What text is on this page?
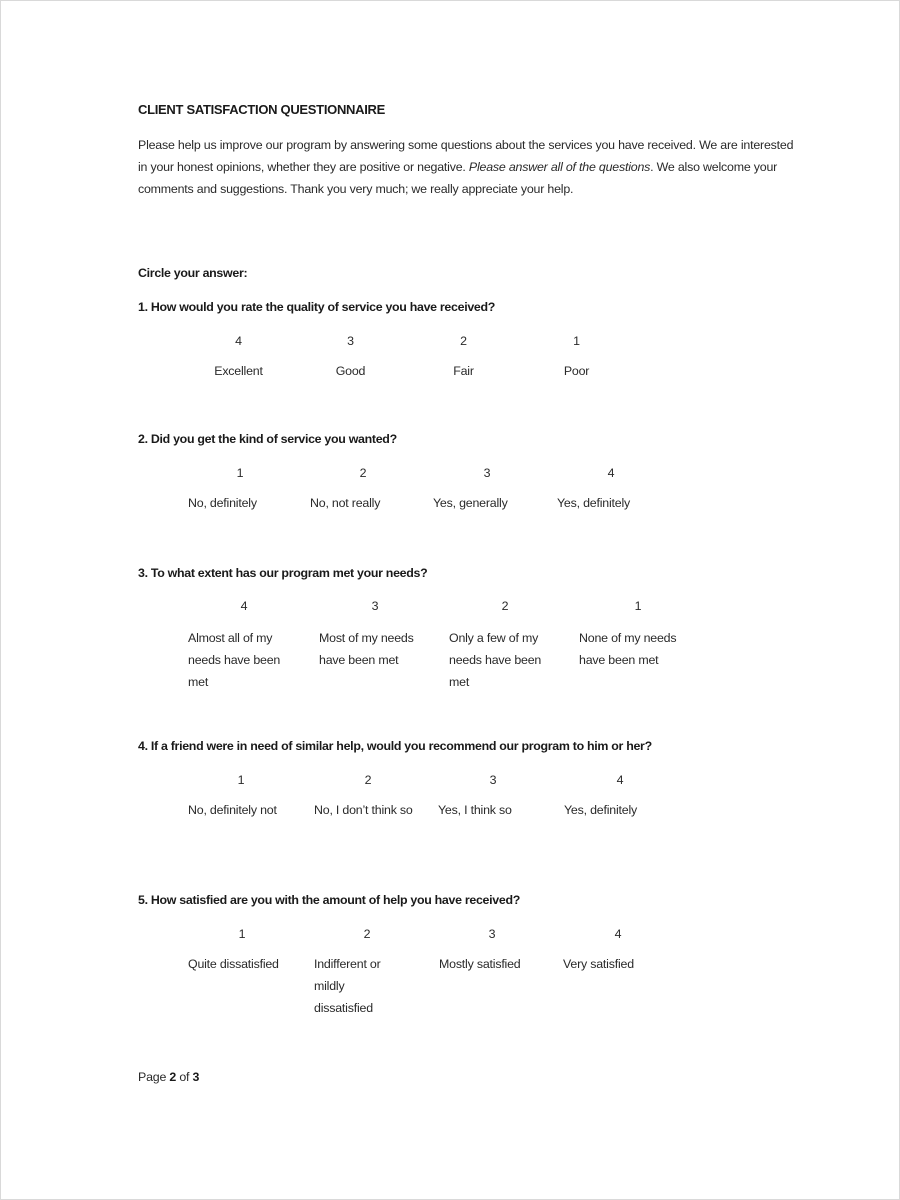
CLIENT SATISFACTION QUESTIONNAIRE
Please help us improve our program by answering some questions about the services you have received. We are interested in your honest opinions, whether they are positive or negative. Please answer all of the questions. We also welcome your comments and suggestions. Thank you very much; we really appreciate your help.
Circle your answer:
1. How would you rate the quality of service you have received?
4
Excellent
3
Good
2
Fair
1
Poor
2. Did you get the kind of service you wanted?
1
No, definitely
2
No, not really
3
Yes, generally
4
Yes, definitely
3. To what extent has our program met your needs?
4
Almost all of my needs have been met
3
Most of my needs have been met
2
Only a few of my needs have been met
1
None of my needs have been met
4. If a friend were in need of similar help, would you recommend our program to him or her?
1
No, definitely not
2
No, I don’t think so
3
Yes, I think so
4
Yes, definitely
5. How satisfied are you with the amount of help you have received?
1
Quite dissatisfied
2
Indifferent or mildly dissatisfied
3
Mostly satisfied
4
Very satisfied
Page 2 of 3
